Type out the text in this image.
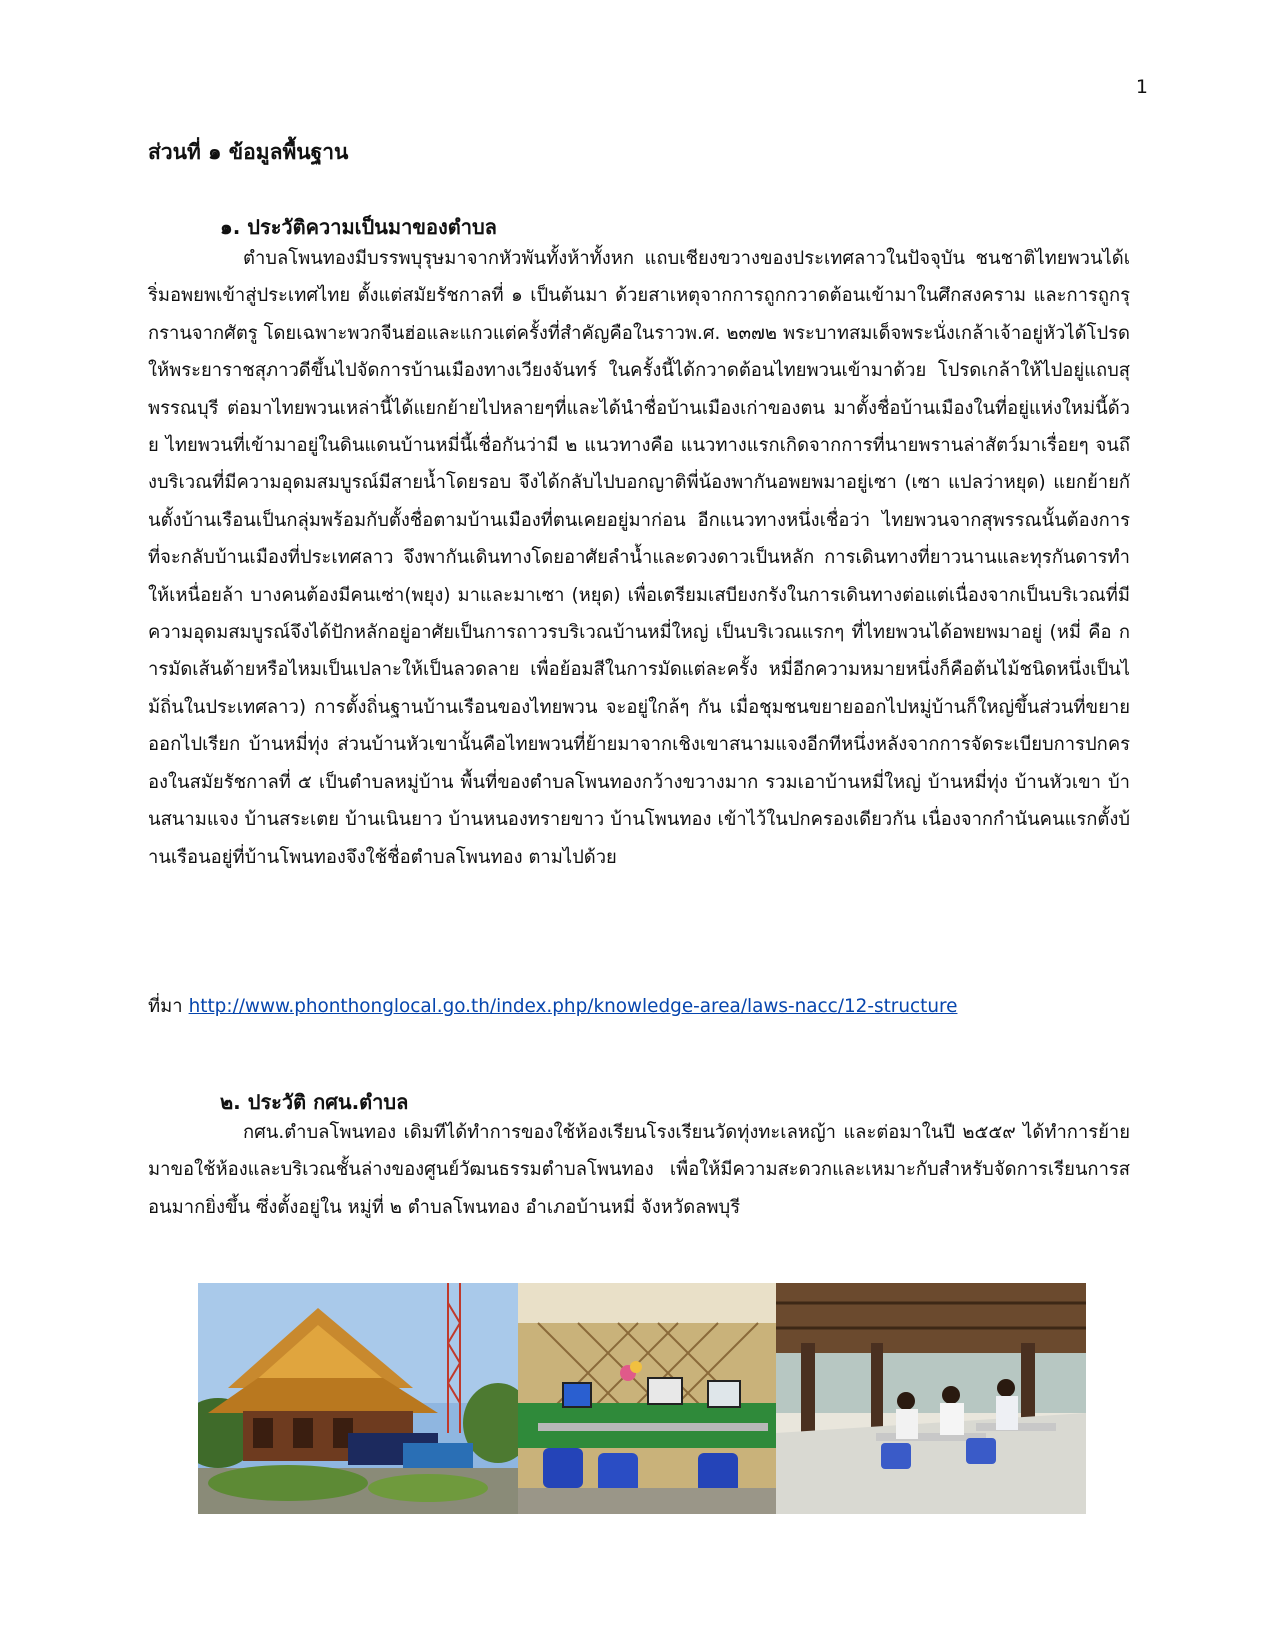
1
ส่วนที่ ๑ ข้อมูลพื้นฐาน
๑. ประวัติความเป็นมาของตำบล

ตำบลโพนทองมีบรรพบุรุษมาจากหัวพันทั้งห้าทั้งหก แถบเชียงขวางของประเทศลาวในปัจจุบัน ชนชาติไทยพวนได้เริ่มอพยพเข้าสู่ประเทศไทย ตั้งแต่สมัยรัชกาลที่ ๑ เป็นต้นมา ด้วยสาเหตุจากการถูกกวาดต้อนเข้ามาในศึกสงคราม และการถูกรุกรานจากศัตรู โดยเฉพาะพวกจีนฮ่อและแกวแต่ครั้งที่สำคัญคือในราวพ.ศ. ๒๓๗๒ พระบาทสมเด็จพระนั่งเกล้าเจ้าอยู่หัวได้โปรดให้พระยาราชสุภาวดีขึ้นไปจัดการบ้านเมืองทางเวียงจันทร์ ในครั้งนี้ได้กวาดต้อนไทยพวนเข้ามาด้วย โปรดเกล้าให้ไปอยู่แถบสุพรรณบุรี ต่อมาไทยพวนเหล่านี้ได้แยกย้ายไปหลายๆที่และได้นำชื่อบ้านเมืองเก่าของตน มาตั้งชื่อบ้านเมืองในที่อยู่แห่งใหม่นี้ด้วย ไทยพวนที่เข้ามาอยู่ในดินแดนบ้านหมี่นี้เชื่อกันว่ามี ๒ แนวทางคือ แนวทางแรกเกิดจากการที่นายพรานล่าสัตว์มาเรื่อยๆ จนถึงบริเวณที่มีความอุดมสมบูรณ์มีสายน้ำโดยรอบ จึงได้กลับไปบอกญาติพี่น้องพากันอพยพมาอยู่เซา (เซา แปลว่าหยุด) แยกย้ายกันตั้งบ้านเรือนเป็นกลุ่มพร้อมกับตั้งชื่อตามบ้านเมืองที่ตนเคยอยู่มาก่อน อีกแนวทางหนึ่งเชื่อว่า ไทยพวนจากสุพรรณนั้นต้องการที่จะกลับบ้านเมืองที่ประเทศลาว จึงพากันเดินทางโดยอาศัยลำน้ำและดวงดาวเป็นหลัก การเดินทางที่ยาวนานและทุรกันดารทำให้เหนื่อยล้า บางคนต้องมีคนเซ่า(พยุง) มาและมาเซา (หยุด) เพื่อเตรียมเสบียงกรังในการเดินทางต่อแต่เนื่องจากเป็นบริเวณที่มีความอุดมสมบูรณ์จึงได้ปักหลักอยู่อาศัยเป็นการถาวรบริเวณบ้านหมี่ใหญ่ เป็นบริเวณแรกๆ ที่ไทยพวนได้อพยพมาอยู่ (หมี่ คือ การมัดเส้นด้ายหรือไหมเป็นเปลาะให้เป็นลวดลาย เพื่อย้อมสีในการมัดแต่ละครั้ง หมี่อีกความหมายหนึ่งก็คือต้นไม้ชนิดหนึ่งเป็นไม้ถิ่นในประเทศลาว) การตั้งถิ่นฐานบ้านเรือนของไทยพวน จะอยู่ใกล้ๆ กัน เมื่อชุมชนขยายออกไปหมู่บ้านก็ใหญ่ขึ้นส่วนที่ขยายออกไปเรียก บ้านหมี่ทุ่ง ส่วนบ้านหัวเขานั้นคือไทยพวนที่ย้ายมาจากเชิงเขาสนามแจงอีกทีหนึ่งหลังจากการจัดระเบียบการปกครองในสมัยรัชกาลที่ ๕ เป็นตำบลหมู่บ้าน พื้นที่ของตำบลโพนทองกว้างขวางมาก รวมเอาบ้านหมี่ใหญ่ บ้านหมี่ทุ่ง บ้านหัวเขา บ้านสนามแจง บ้านสระเตย บ้านเนินยาว บ้านหนองทรายขาว บ้านโพนทอง เข้าไว้ในปกครองเดียวกัน เนื่องจากกำนันคนแรกตั้งบ้านเรือนอยู่ที่บ้านโพนทองจึงใช้ชื่อตำบลโพนทอง ตามไปด้วย

ที่มา http://www.phonthonglocal.go.th/index.php/knowledge-area/laws-nacc/12-structure
๒. ประวัติ กศน.ตำบล

กศน.ตำบลโพนทอง เดิมทีได้ทำการของใช้ห้องเรียนโรงเรียนวัดทุ่งทะเลหญ้า และต่อมาในปี ๒๕๕๙ ได้ทำการย้ายมาขอใช้ห้องและบริเวณชั้นล่างของศูนย์วัฒนธรรมตำบลโพนทอง เพื่อให้มีความสะดวกและเหมาะกับสำหรับจัดการเรียนการสอนมากยิ่งขึ้น ซึ่งตั้งอยู่ใน หมู่ที่ ๒ ตำบลโพนทอง อำเภอบ้านหมี่ จังหวัดลพบุรี
